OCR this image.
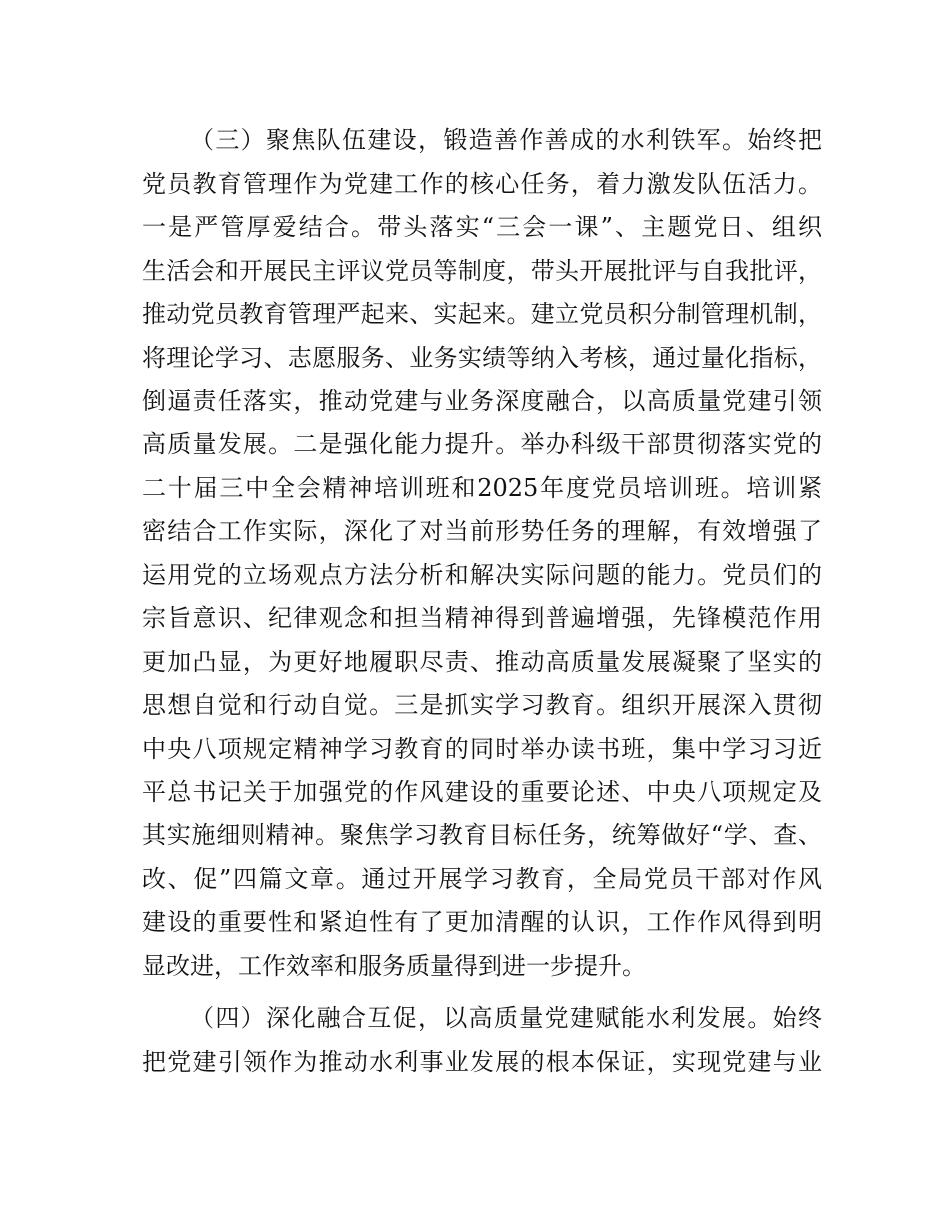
（三）聚焦队伍建设，锻造善作善成的水利铁军。始终把
党员教育管理作为党建工作的核心任务，着力激发队伍活力。
一是严管厚爱结合。带头落实“三会一课”、主题党日、组织
生活会和开展民主评议党员等制度，带头开展批评与自我批评，
推动党员教育管理严起来、实起来。建立党员积分制管理机制，
将理论学习、志愿服务、业务实绩等纳入考核，通过量化指标，
倒逼责任落实，推动党建与业务深度融合，以高质量党建引领
高质量发展。二是强化能力提升。举办科级干部贯彻落实党的
二十届三中全会精神培训班和2025年度党员培训班。培训紧
密结合工作实际，深化了对当前形势任务的理解，有效增强了
运用党的立场观点方法分析和解决实际问题的能力。党员们的
宗旨意识、纪律观念和担当精神得到普遍增强，先锋模范作用
更加凸显，为更好地履职尽责、推动高质量发展凝聚了坚实的
思想自觉和行动自觉。三是抓实学习教育。组织开展深入贯彻
中央八项规定精神学习教育的同时举办读书班，集中学习习近
平总书记关于加强党的作风建设的重要论述、中央八项规定及
其实施细则精神。聚焦学习教育目标任务，统筹做好“学、查、
改、促”四篇文章。通过开展学习教育，全局党员干部对作风
建设的重要性和紧迫性有了更加清醒的认识，工作作风得到明
显改进，工作效率和服务质量得到进一步提升。
（四）深化融合互促，以高质量党建赋能水利发展。始终
把党建引领作为推动水利事业发展的根本保证，实现党建与业
